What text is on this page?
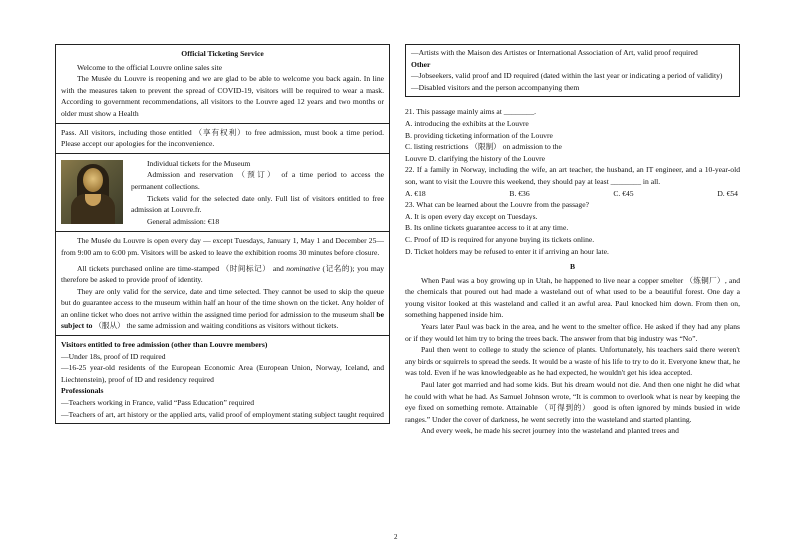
Official Ticketing Service

Welcome to the official Louvre online sales site

The Musée du Louvre is reopening and we are glad to be able to welcome you back again. In line with the measures taken to prevent the spread of COVID-19, visitors will be required to wear a mask. According to government recommendations, all visitors to the Louvre aged 12 years and two months or older must show a Health

Pass. All visitors, including those entitled （享有权利）to free admission, must book a time period. Please accept our apologies for the inconvenience.

Individual tickets for the Museum

Admission and reservation （预订） of a time period to access the permanent collections.

Tickets valid for the selected date only. Full list of visitors entitled to free admission at Louvre.fr.

General admission: €18

The Musée du Louvre is open every day — except Tuesdays, January 1, May 1 and December 25— from 9:00 am to 6:00 pm. Visitors will be asked to leave the exhibition rooms 30 minutes before closure.

All tickets purchased online are time-stamped （时间标记） and nominative (记名的); you may therefore be asked to provide proof of identity.

They are only valid for the service, date and time selected. They cannot be used to skip the queue but do guarantee access to the museum within half an hour of the time shown on the ticket. Any holder of an online ticket who does not arrive within the assigned time period for admission to the museum shall be subject to （服从） the same admission and waiting conditions as visitors without tickets.

Visitors entitled to free admission (other than Louvre members)

—Under 18s, proof of ID required

—16-25 year-old residents of the European Economic Area (European Union, Norway, Iceland, and Liechtenstein), proof of ID and residency required

Professionals

—Teachers working in France, valid “Pass Education” required

—Teachers of art, art history or the applied arts, valid proof of employment stating subject taught required

—Artists with the Maison des Artistes or International Association of Art, valid proof required

Other

—Jobseekers, valid proof and ID required (dated within the last year or indicating a period of validity)

—Disabled visitors and the person accompanying them

21. This passage mainly aims at ________.

A. introducing the exhibits at the Louvre

B. providing ticketing information of the Louvre

C. listing restrictions （限制） on admission to the

Louvre D. clarifying the history of the Louvre

22. If a family in Norway, including the wife, an art teacher, the husband, an IT engineer, and a 10-year-old son, want to visit the Louvre this weekend, they should pay at least ________ in all.

A. €18	B. €36	C. €45	D. €54

23. What can be learned about the Louvre from the passage?

A. It is open every day except on Tuesdays.

B. Its online tickets guarantee access to it at any time.

C. Proof of ID is required for anyone buying its tickets online.

D. Ticket holders may be refused to enter it if arriving an hour late.

B

When Paul was a boy growing up in Utah, he happened to live near a copper smelter （炼铜厂）, and the chemicals that poured out had made a wasteland out of what used to be a beautiful forest. One day a young visitor looked at this wasteland and called it an awful area. Paul knocked him down. From then on, something happened inside him.

Years later Paul was back in the area, and he went to the smelter office. He asked if they had any plans or if they would let him try to bring the trees back. The answer from that big industry was “No”.

Paul then went to college to study the science of plants. Unfortunately, his teachers said there weren't any birds or squirrels to spread the seeds. It would be a waste of his life to try to do it. Everyone knew that, he was told. Even if he was knowledgeable as he had expected, he wouldn't get his idea accepted.

Paul later got married and had some kids. But his dream would not die. And then one night he did what he could with what he had. As Samuel Johnson wrote, “It is common to overlook what is near by keeping the eye fixed on something remote. Attainable （可得到的） good is often ignored by minds busied in wide ranges.” Under the cover of darkness, he went secretly into the wasteland and started planting.

And every week, he made his secret journey into the wasteland and planted trees and

2
